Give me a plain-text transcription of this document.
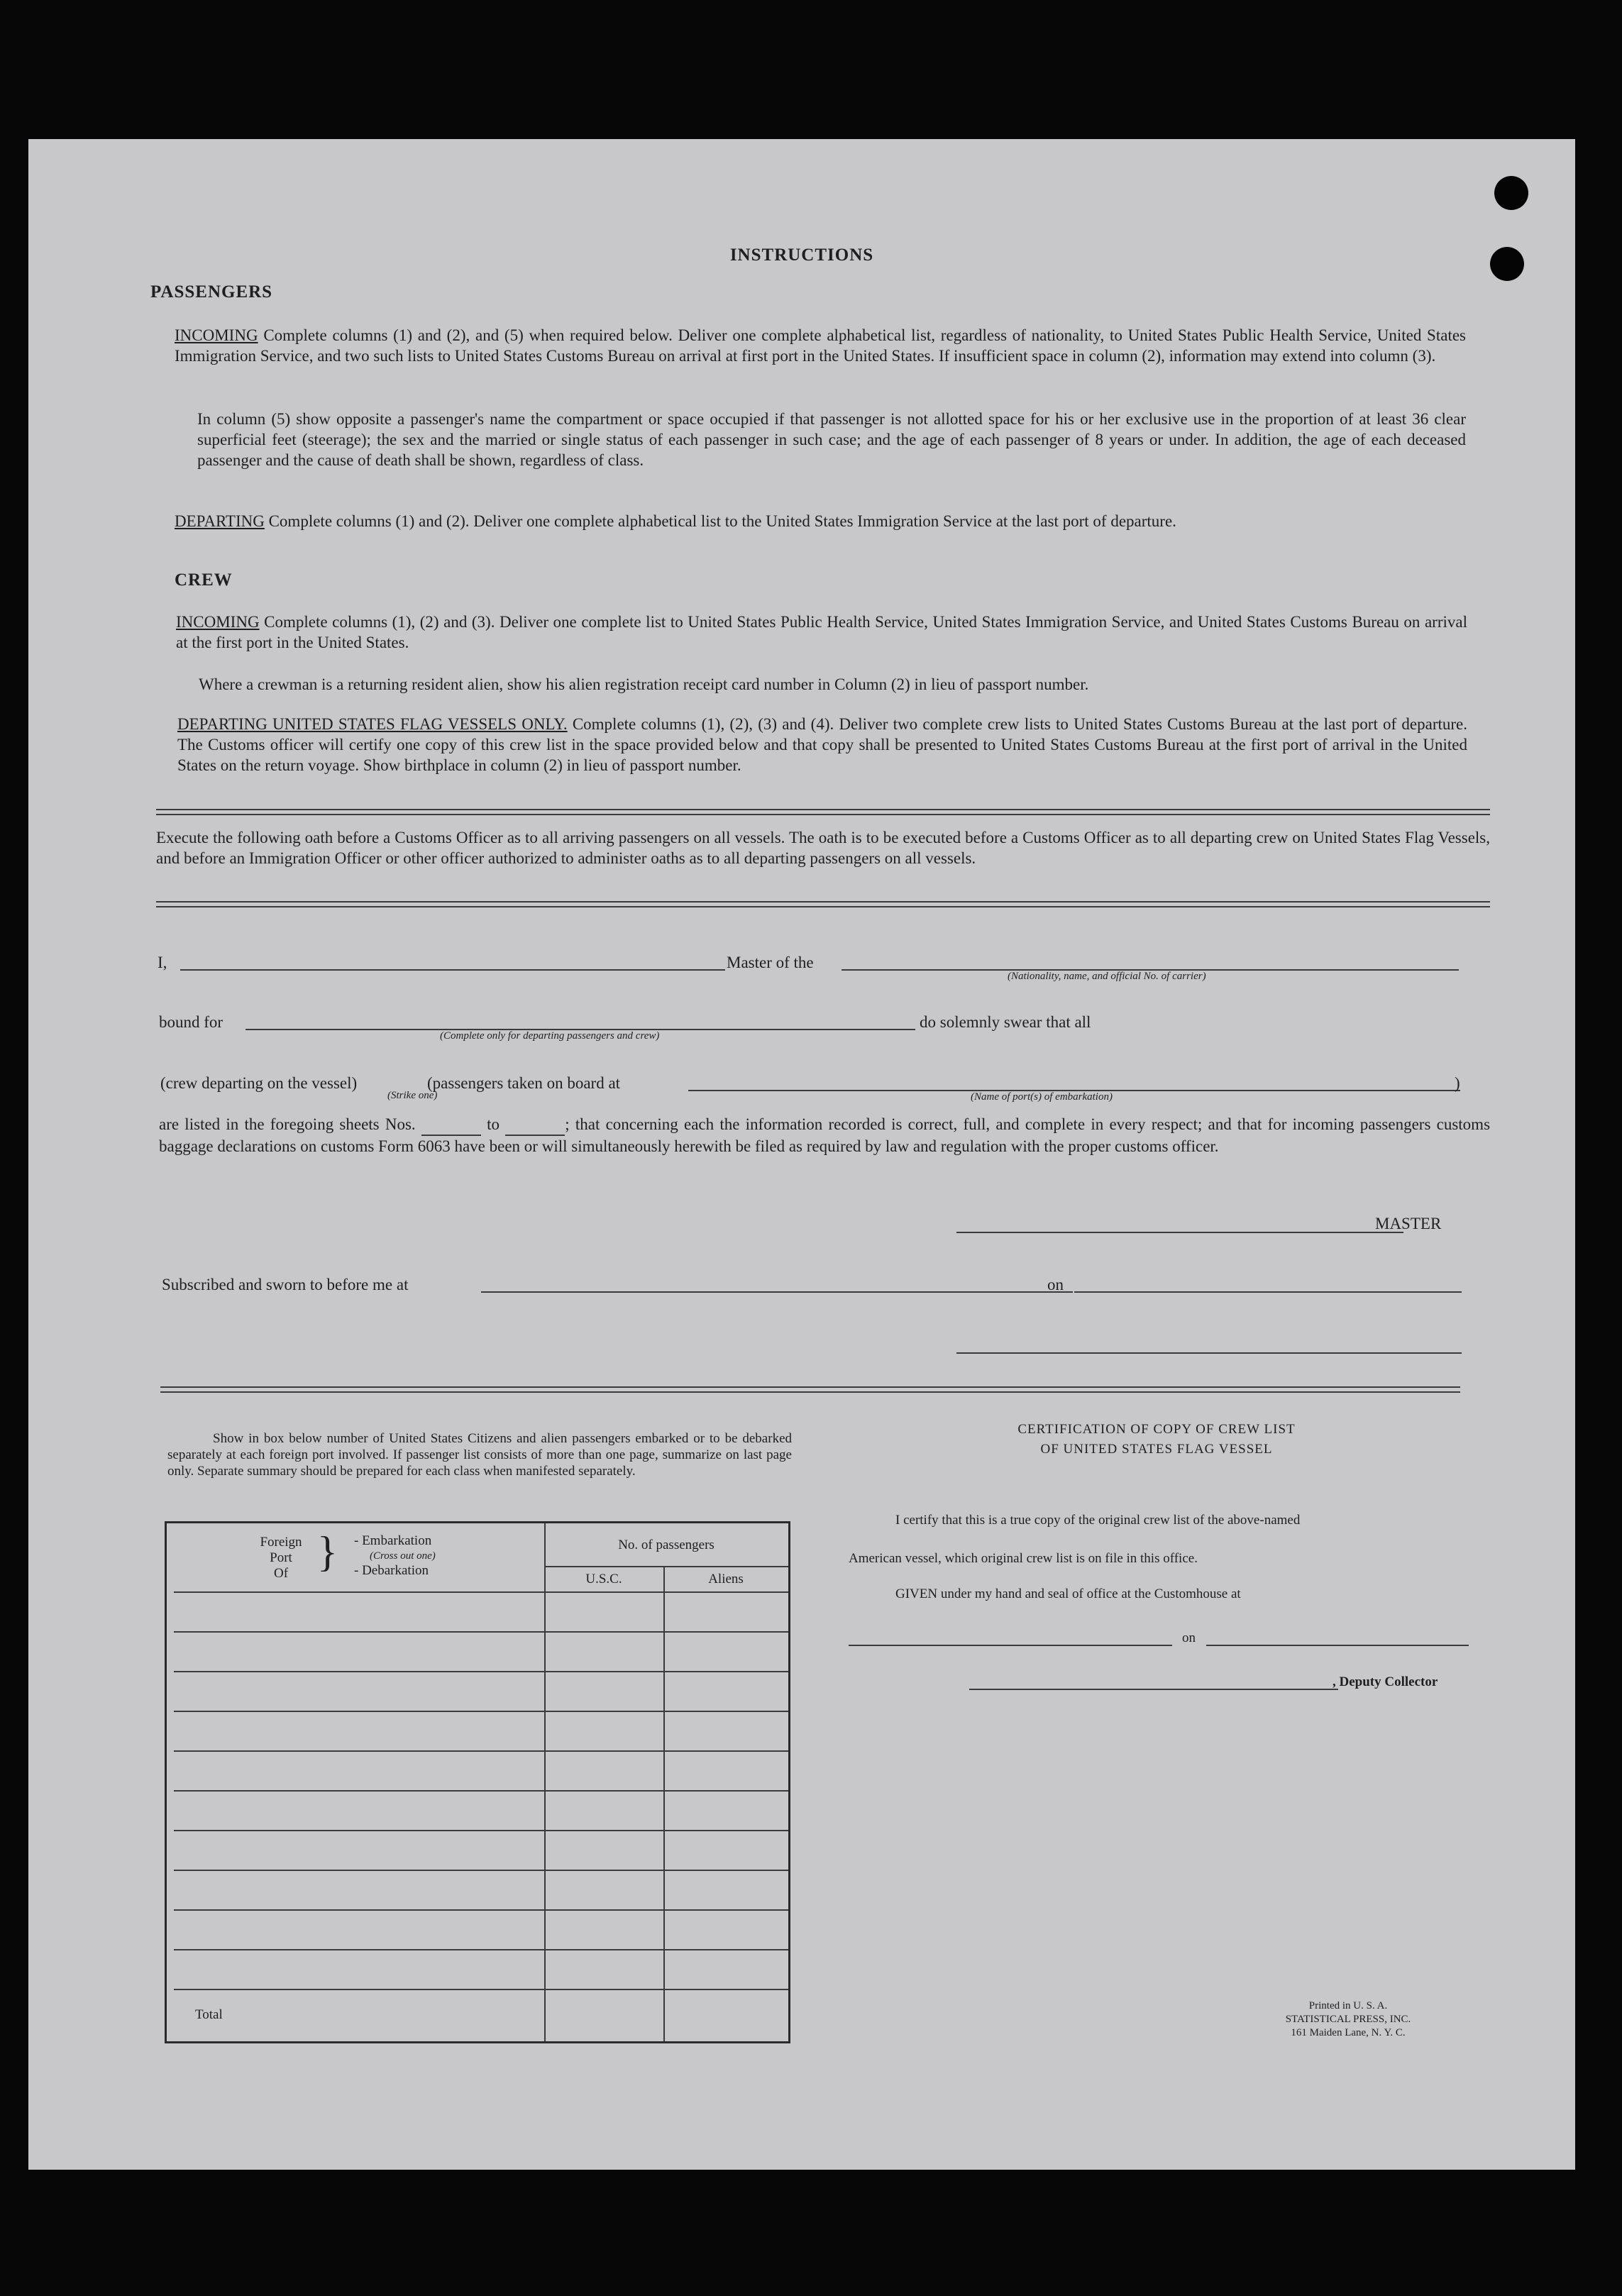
INSTRUCTIONS
PASSENGERS
INCOMING Complete columns (1) and (2), and (5) when required below. Deliver one complete alphabetical list, regardless of nationality, to United States Public Health Service, United States Immigration Service, and two such lists to United States Customs Bureau on arrival at first port in the United States. If insufficient space in column (2), information may extend into column (3).
In column (5) show opposite a passenger's name the compartment or space occupied if that passenger is not allotted space for his or her exclusive use in the proportion of at least 36 clear superficial feet (steerage); the sex and the married or single status of each passenger in such case; and the age of each passenger of 8 years or under. In addition, the age of each deceased passenger and the cause of death shall be shown, regardless of class.
DEPARTING Complete columns (1) and (2). Deliver one complete alphabetical list to the United States Immigration Service at the last port of departure.
CREW
INCOMING Complete columns (1), (2) and (3). Deliver one complete list to United States Public Health Service, United States Immigration Service, and United States Customs Bureau on arrival at the first port in the United States.
Where a crewman is a returning resident alien, show his alien registration receipt card number in Column (2) in lieu of passport number.
DEPARTING UNITED STATES FLAG VESSELS ONLY. Complete columns (1), (2), (3) and (4). Deliver two complete crew lists to United States Customs Bureau at the last port of departure. The Customs officer will certify one copy of this crew list in the space provided below and that copy shall be presented to United States Customs Bureau at the first port of arrival in the United States on the return voyage. Show birthplace in column (2) in lieu of passport number.
Execute the following oath before a Customs Officer as to all arriving passengers on all vessels. The oath is to be executed before a Customs Officer as to all departing crew on United States Flag Vessels, and before an Immigration Officer or other officer authorized to administer oaths as to all departing passengers on all vessels.
I,	Master of the
(Nationality, name, and official No. of carrier)
bound for
(Complete only for departing passengers and crew)
do solemnly swear that all
(crew departing on the vessel)
(Strike one)
(passengers taken on board at
(Name of port(s) of embarkation)
)
are listed in the foregoing sheets Nos.	to	; that concerning each the information recorded is correct, full, and complete in every respect; and that for incoming passengers customs baggage declarations on customs Form 6063 have been or will simultaneously herewith be filed as required by law and regulation with the proper customs officer.
MASTER
Subscribed and sworn to before me at	on
Show in box below number of United States Citizens and alien passengers embarked or to be debarked separately at each foreign port involved. If passenger list consists of more than one page, summarize on last page only. Separate summary should be prepared for each class when manifested separately.
Foreign
Port
Of } - Embarkation
(Cross out one)
- Debarkation
No. of passengers
U.S.C.	Aliens
Total
CERTIFICATION OF COPY OF CREW LIST
OF UNITED STATES FLAG VESSEL
I certify that this is a true copy of the original crew list of the above-named
American vessel, which original crew list is on file in this office.
GIVEN under my hand and seal of office at the Customhouse at
on
, Deputy Collector
Printed in U. S. A.
STATISTICAL PRESS, INC.
161 Maiden Lane, N. Y. C.
